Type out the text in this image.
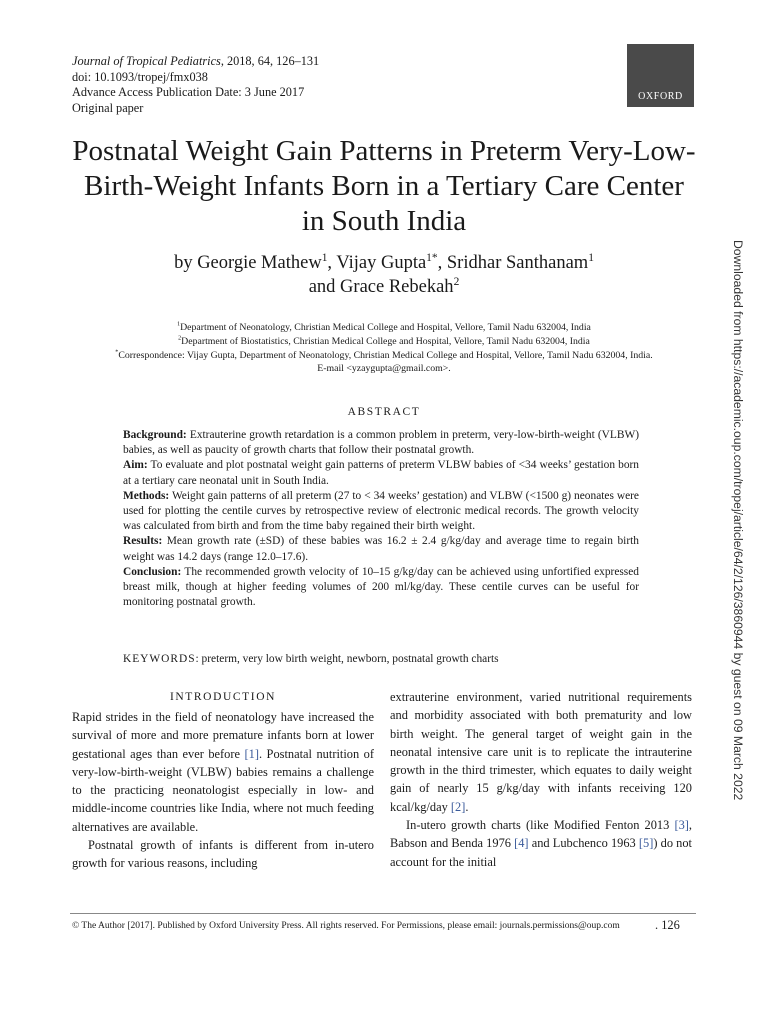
Journal of Tropical Pediatrics, 2018, 64, 126–131
doi: 10.1093/tropej/fmx038
Advance Access Publication Date: 3 June 2017
Original paper
OXFORD
Postnatal Weight Gain Patterns in Preterm Very-Low-Birth-Weight Infants Born in a Tertiary Care Center in South India
by Georgie Mathew$^1$, Vijay Gupta$^{1*}$, Sridhar Santhanam$^1$
and Grace Rebekah$^2$
$^1$Department of Neonatology, Christian Medical College and Hospital, Vellore, Tamil Nadu 632004, India
$^2$Department of Biostatistics, Christian Medical College and Hospital, Vellore, Tamil Nadu 632004, India
*Correspondence: Vijay Gupta, Department of Neonatology, Christian Medical College and Hospital, Vellore, Tamil Nadu 632004, India.
E-mail <yzaygupta@gmail.com>.
ABSTRACT

Background: Extrauterine growth retardation is a common problem in preterm, very-low-birth-weight (VLBW) babies, as well as paucity of growth charts that follow their postnatal growth.

Aim: To evaluate and plot postnatal weight gain patterns of preterm VLBW babies of <34 weeks’ gestation born at a tertiary care neonatal unit in South India.

Methods: Weight gain patterns of all preterm (27 to < 34 weeks’ gestation) and VLBW (<1500 g) neonates were used for plotting the centile curves by retrospective review of electronic medical records. The growth velocity was calculated from birth and from the time baby regained their birth weight.

Results: Mean growth rate (±SD) of these babies was 16.2 ± 2.4 g/kg/day and average time to regain birth weight was 14.2 days (range 12.0–17.6).

Conclusion: The recommended growth velocity of 10–15 g/kg/day can be achieved using unfortified expressed breast milk, though at higher feeding volumes of 200 ml/kg/day. These centile curves can be useful for monitoring postnatal growth.

KEYWORDS: preterm, very low birth weight, newborn, postnatal growth charts
INTRODUCTION

Rapid strides in the field of neonatology have increased the survival of more and more premature infants born at lower gestational ages than ever before [1]. Postnatal nutrition of very-low-birth-weight (VLBW) babies remains a challenge to the practicing neonatologist especially in low- and middle-income countries like India, where not much feeding alternatives are available.

Postnatal growth of infants is different from in-utero growth for various reasons, including

extrauterine environment, varied nutritional requirements and morbidity associated with both prematurity and low birth weight. The general target of weight gain in the neonatal intensive care unit is to replicate the intrauterine growth in the third trimester, which equates to daily weight gain of nearly 15 g/kg/day with infants receiving 120 kcal/kg/day [2].

In-utero growth charts (like Modified Fenton 2013 [3], Babson and Benda 1976 [4] and Lubchenco 1963 [5]) do not account for the initial

© The Author [2017]. Published by Oxford University Press. All rights reserved. For Permissions, please email: journals.permissions@oup.com	. 126
Downloaded from https://academic.oup.com/tropej/article/64/2/126/3860944 by guest on 09 March 2022
